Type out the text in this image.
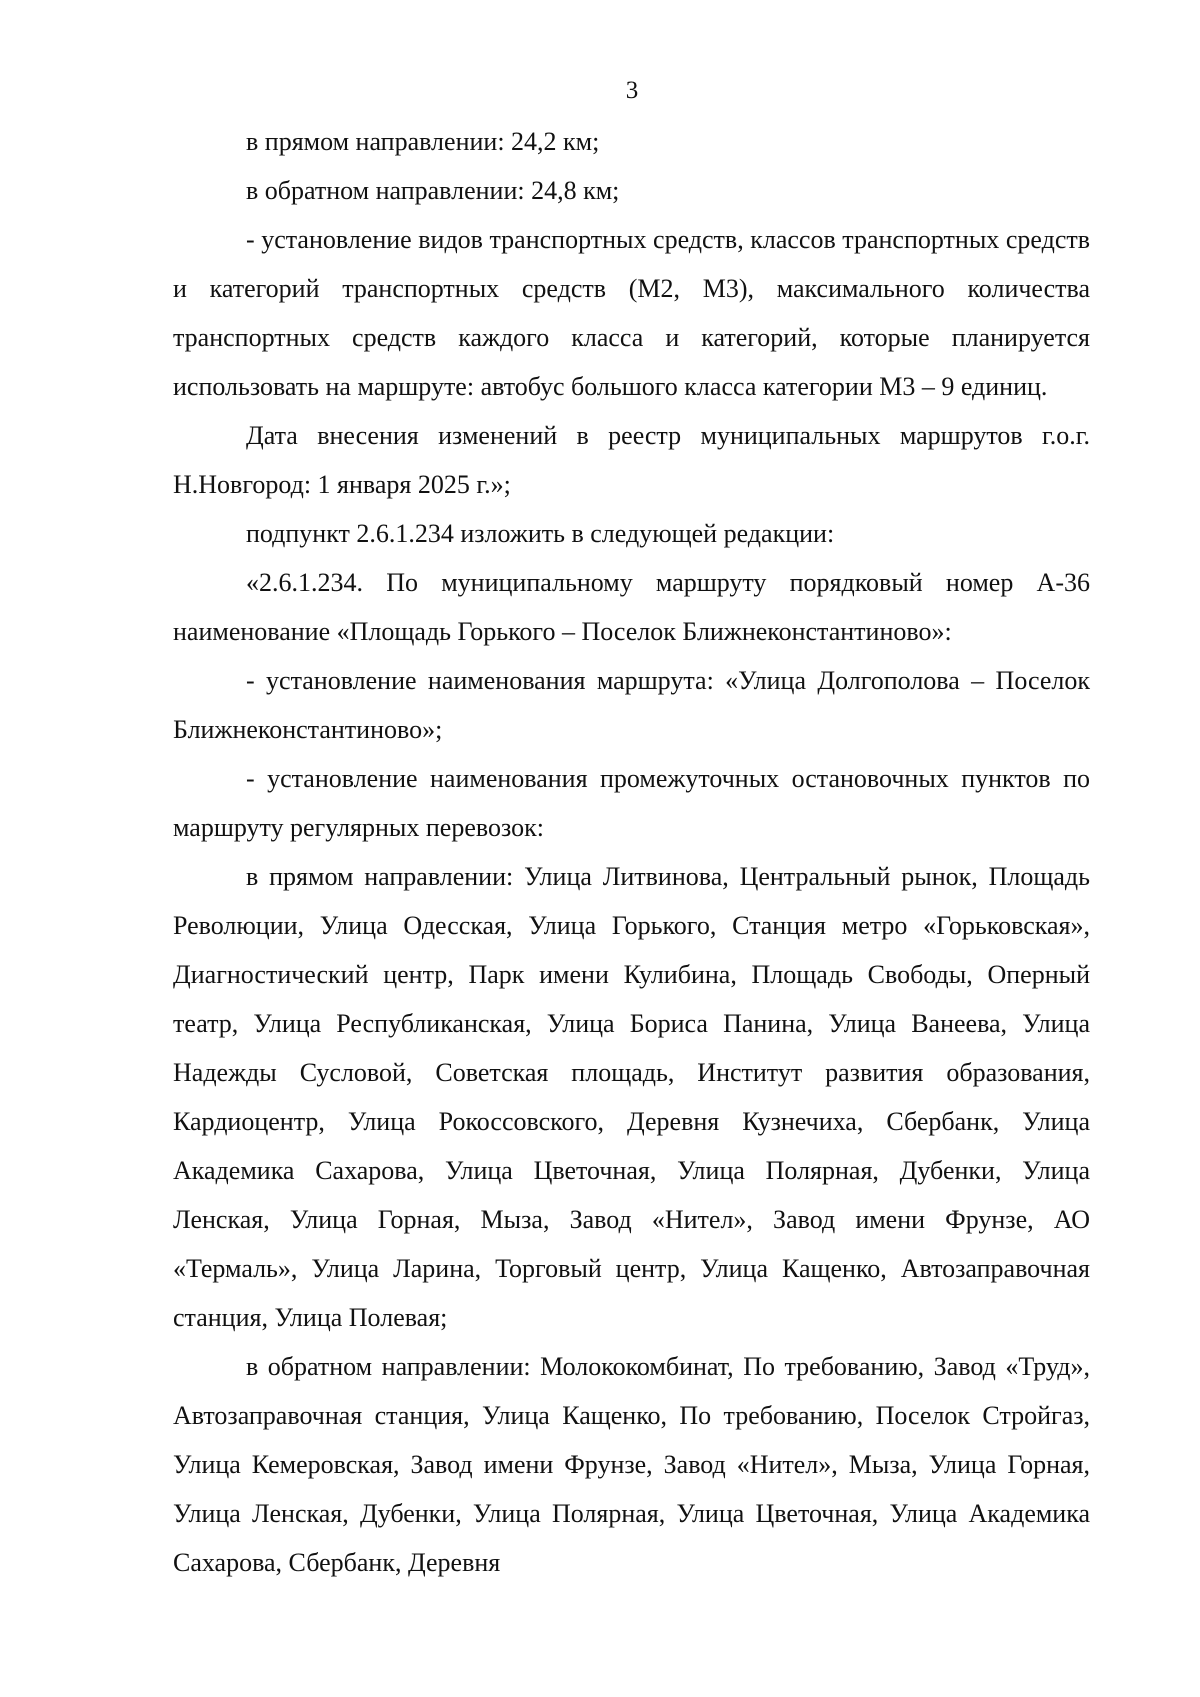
3

в прямом направлении: 24,2 км;

в обратном направлении: 24,8 км;

- установление видов транспортных средств, классов транспортных средств и категорий транспортных средств (М2, М3), максимального количества транспортных средств каждого класса и категорий, которые планируется использовать на маршруте: автобус большого класса категории М3 – 9 единиц.

Дата внесения изменений в реестр муниципальных маршрутов г.о.г. Н.Новгород: 1 января 2025 г.»;

подпункт 2.6.1.234 изложить в следующей редакции:

«2.6.1.234. По муниципальному маршруту порядковый номер А-36 наименование «Площадь Горького – Поселок Ближнеконстантиново»:

- установление наименования маршрута: «Улица Долгополова – Поселок Ближнеконстантиново»;

- установление наименования промежуточных остановочных пунктов по маршруту регулярных перевозок:

в прямом направлении: Улица Литвинова, Центральный рынок, Площадь Революции, Улица Одесская, Улица Горького, Станция метро «Горьковская», Диагностический центр, Парк имени Кулибина, Площадь Свободы, Оперный театр, Улица Республиканская, Улица Бориса Панина, Улица Ванеева, Улица Надежды Сусловой, Советская площадь, Институт развития образования, Кардиоцентр, Улица Рокоссовского, Деревня Кузнечиха, Сбербанк, Улица Академика Сахарова, Улица Цветочная, Улица Полярная, Дубенки, Улица Ленская, Улица Горная, Мыза, Завод «Нител», Завод имени Фрунзе, АО «Термаль», Улица Ларина, Торговый центр, Улица Кащенко, Автозаправочная станция, Улица Полевая;

в обратном направлении: Молококомбинат, По требованию, Завод «Труд», Автозаправочная станция, Улица Кащенко, По требованию, Поселок Стройгаз, Улица Кемеровская, Завод имени Фрунзе, Завод «Нител», Мыза, Улица Горная, Улица Ленская, Дубенки, Улица Полярная, Улица Цветочная, Улица Академика Сахарова, Сбербанк, Деревня
